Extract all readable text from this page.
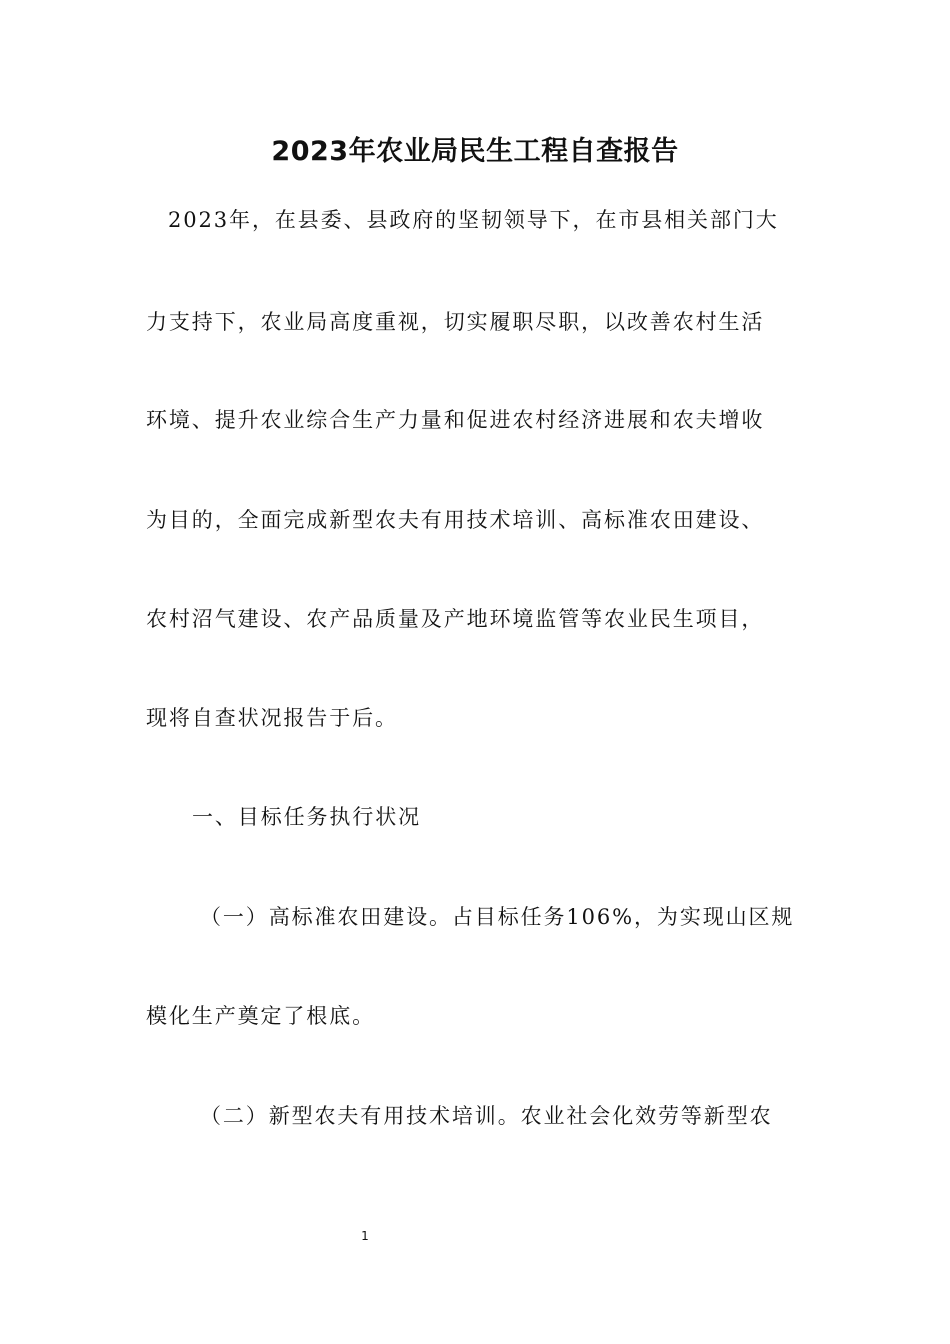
2023年农业局民生工程自查报告

2023年，在县委、县政府的坚韧领导下，在市县相关部门大

力支持下，农业局高度重视，切实履职尽职，以改善农村生活

环境、提升农业综合生产力量和促进农村经济进展和农夫增收

为目的，全面完成新型农夫有用技术培训、高标准农田建设、

农村沼气建设、农产品质量及产地环境监管等农业民生项目，

现将自查状况报告于后。

一、目标任务执行状况

（一）高标准农田建设。占目标任务106%，为实现山区规

模化生产奠定了根底。

（二）新型农夫有用技术培训。农业社会化效劳等新型农

1
